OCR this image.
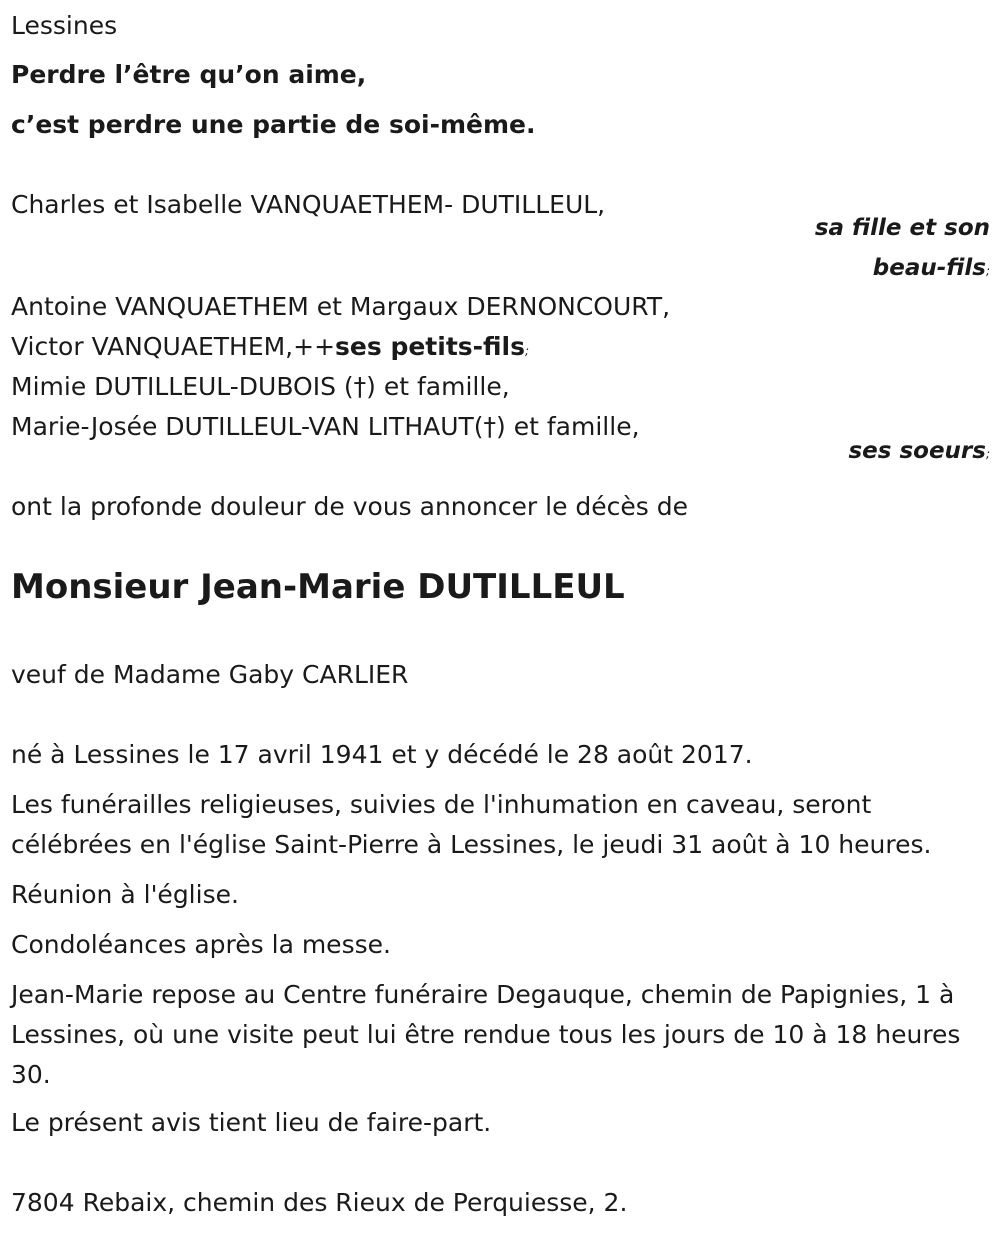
Lessines
Perdre l’être qu’on aime,
c’est perdre une partie de soi-même.
Charles et Isabelle VANQUAETHEM- DUTILLEUL,
sa fille et son
beau-fils;
Antoine VANQUAETHEM et Margaux DERNONCOURT,
Victor VANQUAETHEM,++ses petits-fils;
Mimie DUTILLEUL-DUBOIS (†) et famille,
Marie-Josée DUTILLEUL-VAN LITHAUT(†) et famille,
ses soeurs;
ont la profonde douleur de vous annoncer le décès de
Monsieur Jean-Marie DUTILLEUL
veuf de Madame Gaby CARLIER
né à Lessines le 17 avril 1941 et y décédé le 28 août 2017.
Les funérailles religieuses, suivies de l'inhumation en caveau, seront célébrées en l'église Saint-Pierre à Lessines, le jeudi 31 août à 10 heures.
Réunion à l'église.
Condoléances après la messe.
Jean-Marie repose au Centre funéraire Degauque, chemin de Papignies, 1 à Lessines, où une visite peut lui être rendue tous les jours de 10 à 18 heures 30.
Le présent avis tient lieu de faire-part.
7804 Rebaix, chemin des Rieux de Perquiesse, 2.
